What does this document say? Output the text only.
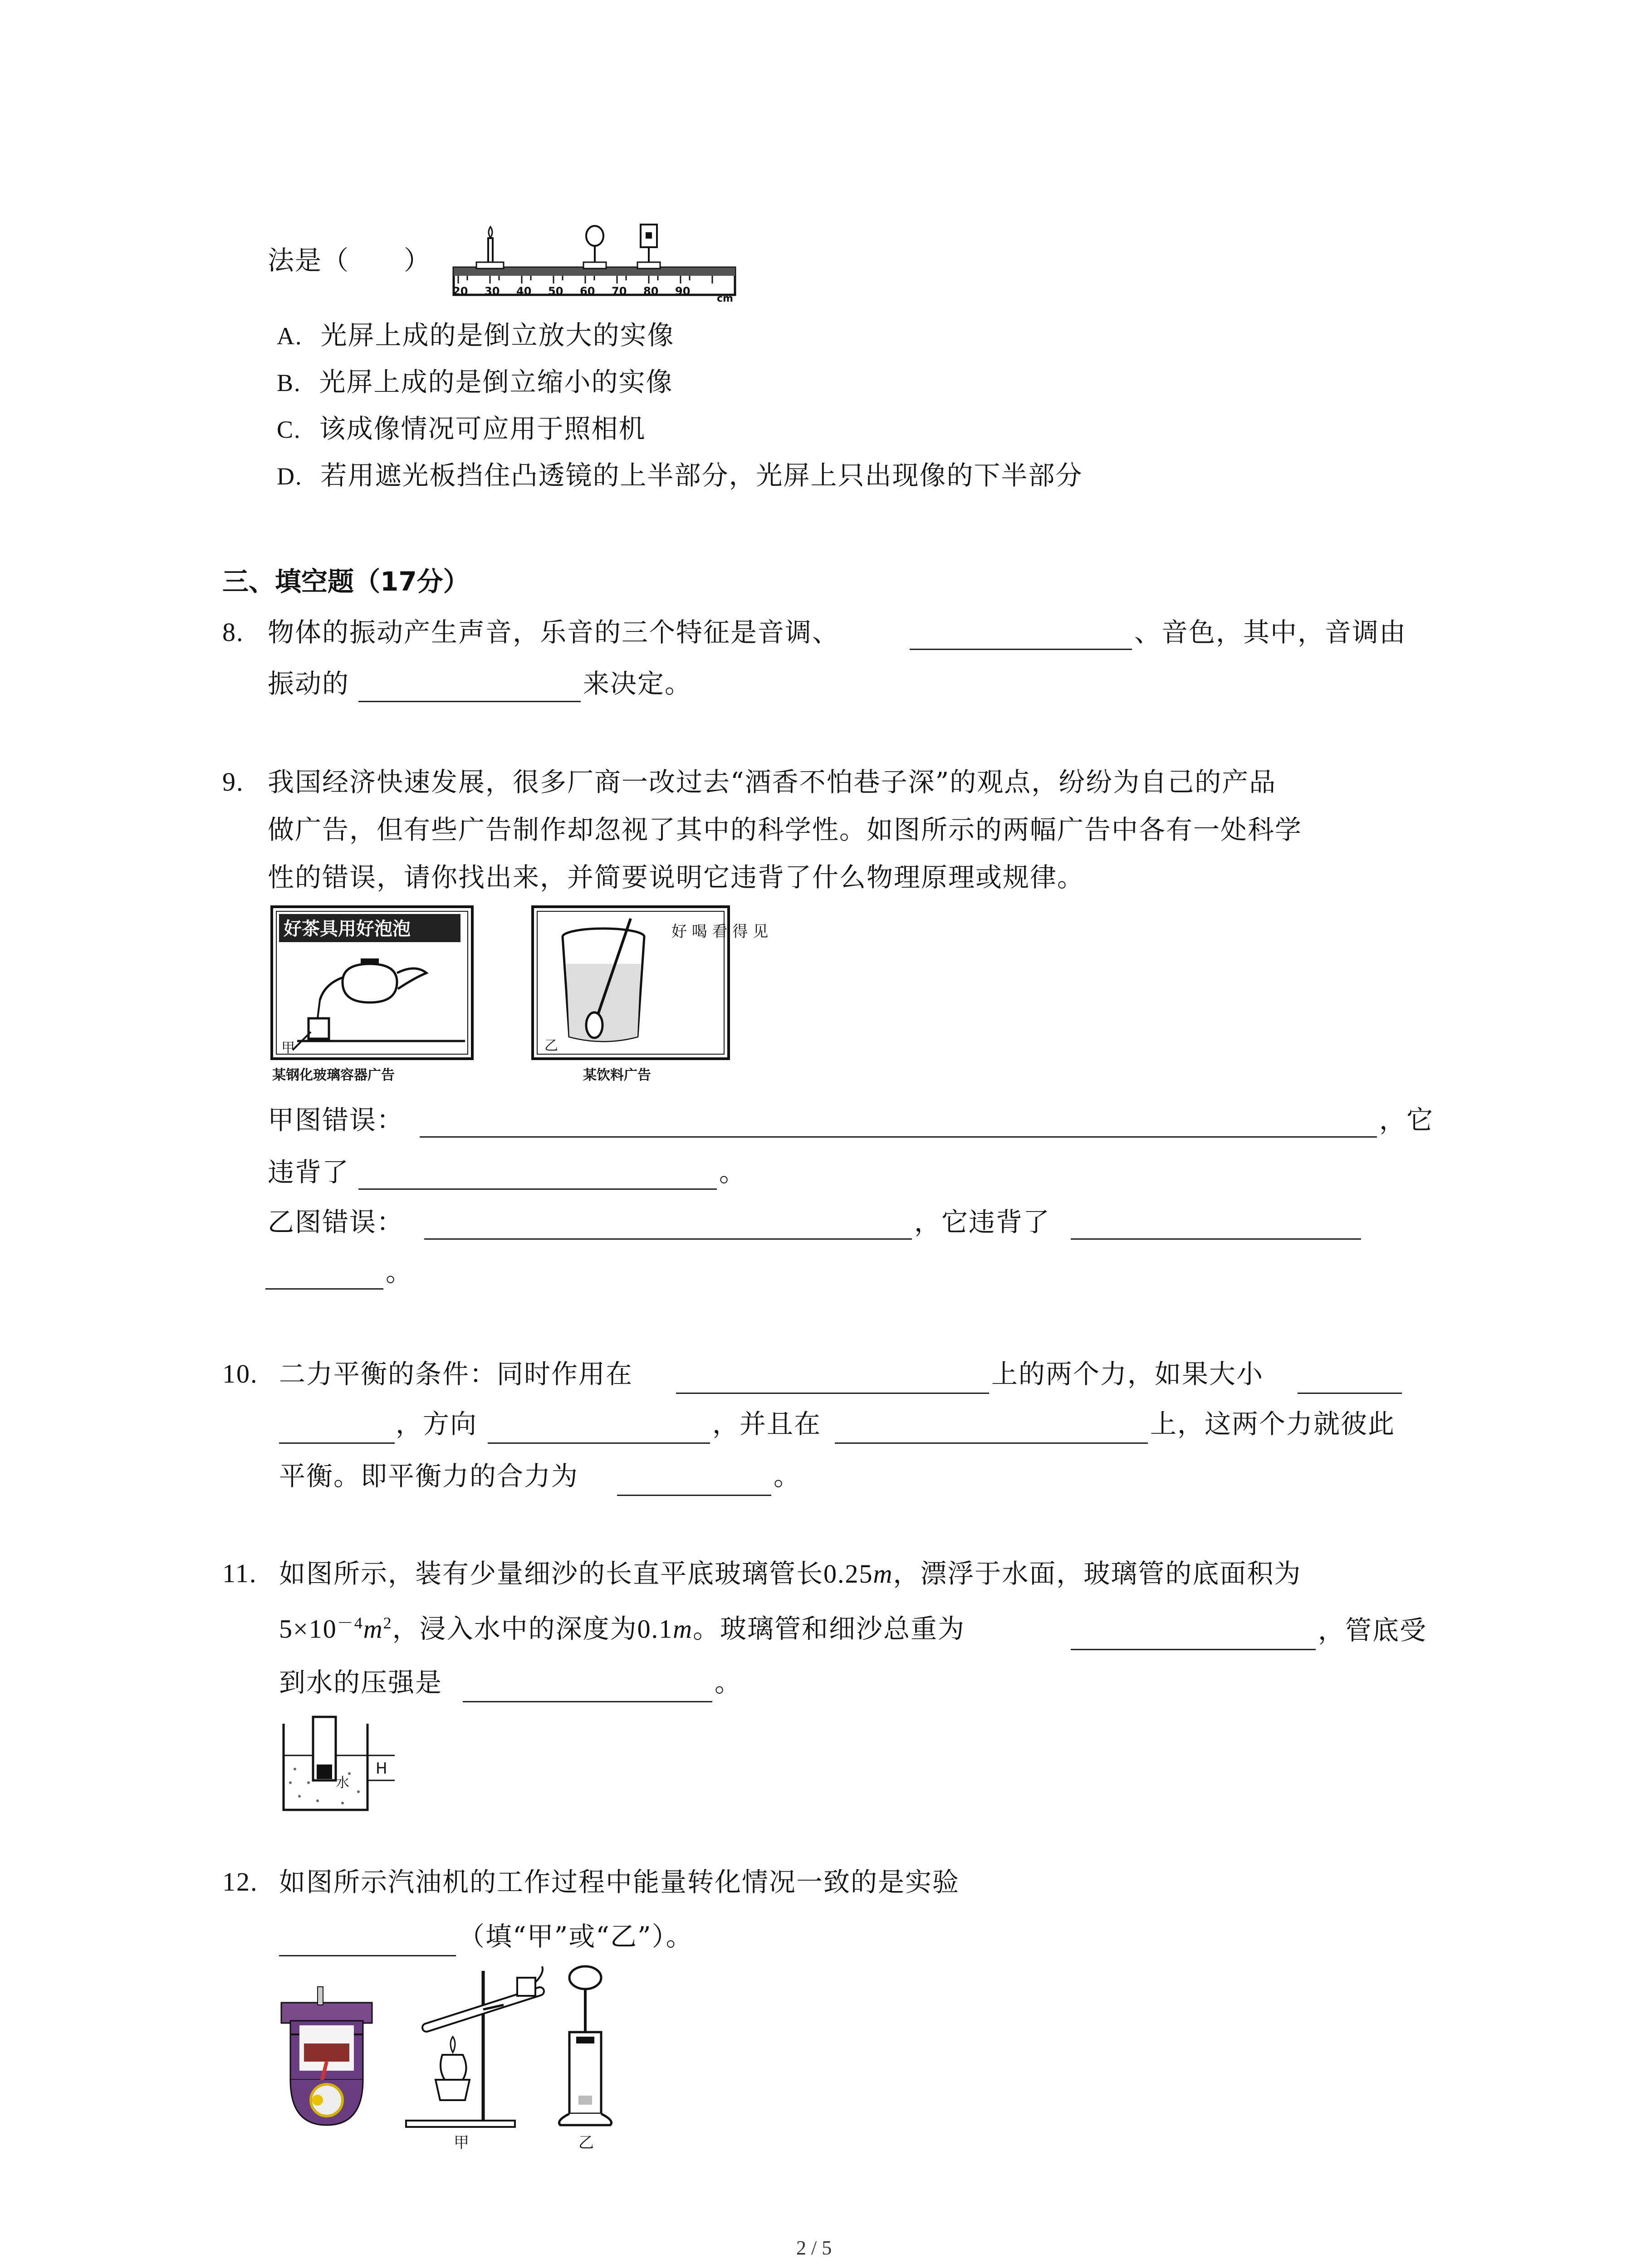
法是（　　）
20 30 40 50 60 70 80 90
cm
A. 光屏上成的是倒立放大的实像
B. 光屏上成的是倒立缩小的实像
C. 该成像情况可应用于照相机
D. 若用遮光板挡住凸透镜的上半部分，光屏上只出现像的下半部分
三、填空题（17分）
8. 物体的振动产生声音，乐音的三个特征是音调、	、音色，其中，音调由
振动的	来决定。
9. 我国经济快速发展，很多厂商一改过去“酒香不怕巷子深”的观点，纷纷为自己的产品
做广告，但有些广告制作却忽视了其中的科学性。如图所示的两幅广告中各有一处科学
性的错误，请你找出来，并简要说明它违背了什么物理原理或规律。
好茶具用好泡泡
甲
某钢化玻璃容器广告
好 喝 看 得 见
乙
某饮料广告
甲图错误：	，它
违背了	。
乙图错误：	，它违背了
。
10. 二力平衡的条件：同时作用在	上的两个力，如果大小
，方向	，并且在	上，这两个力就彼此
平衡。即平衡力的合力为	。
11. 如图所示，装有少量细沙的长直平底玻璃管长0.25m，漂浮于水面，玻璃管的底面积为
$5\times 10^{-4}m^2$，浸入水中的深度为0.1m。玻璃管和细沙总重为	，管底受
到水的压强是	。
H
水
12. 如图所示汽油机的工作过程中能量转化情况一致的是实验
（填“甲”或“乙”）。
甲	乙
2 / 5
